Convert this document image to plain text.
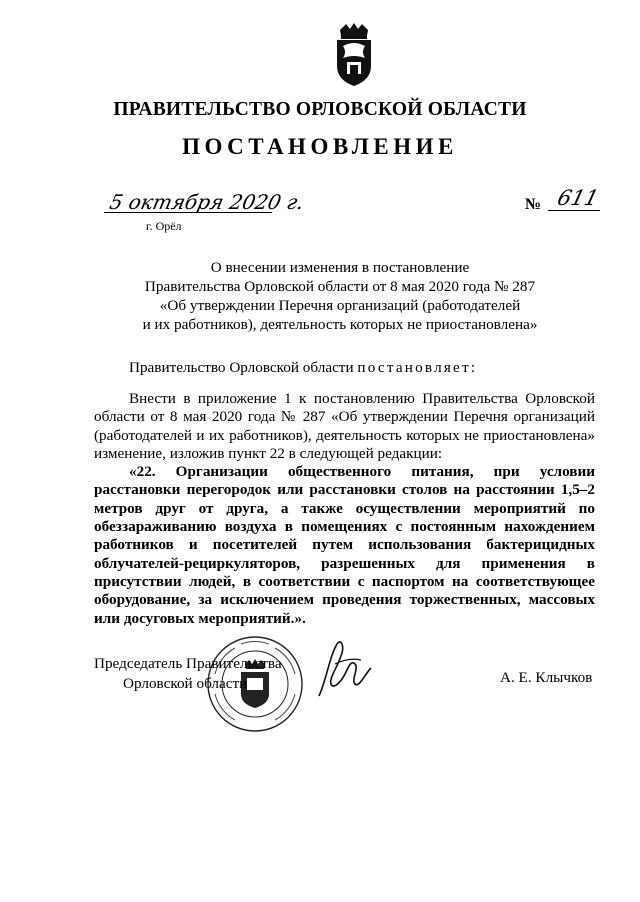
ПРАВИТЕЛЬСТВО ОРЛОВСКОЙ ОБЛАСТИ
ПОСТАНОВЛЕНИЕ
5 октября 2020 г.
г. Орёл
№ 611
О внесении изменения в постановление
Правительства Орловской области от 8 мая 2020 года № 287
«Об утверждении Перечня организаций (работодателей
и их работников), деятельность которых не приостановлена»
Правительство Орловской области постановляет:

Внести в приложение 1 к постановлению Правительства Орловской области от 8 мая 2020 года № 287 «Об утверждении Перечня организаций (работодателей и их работников), деятельность которых не приостановлена» изменение, изложив пункт 22 в следующей редакции:

«22. Организации общественного питания, при условии расстановки перегородок или расстановки столов на расстоянии 1,5–2 метров друг от друга, а также осуществлении мероприятий по обеззараживанию воздуха в помещениях с постоянным нахождением работников и посетителей путем использования бактерицидных облучателей-рециркуляторов, разрешенных для применения в присутствии людей, в соответствии с паспортом на соответствующее оборудование, за исключением проведения торжественных, массовых или досуговых мероприятий.».

Председатель Правительства
Орловской области	А. Е. Клычков
